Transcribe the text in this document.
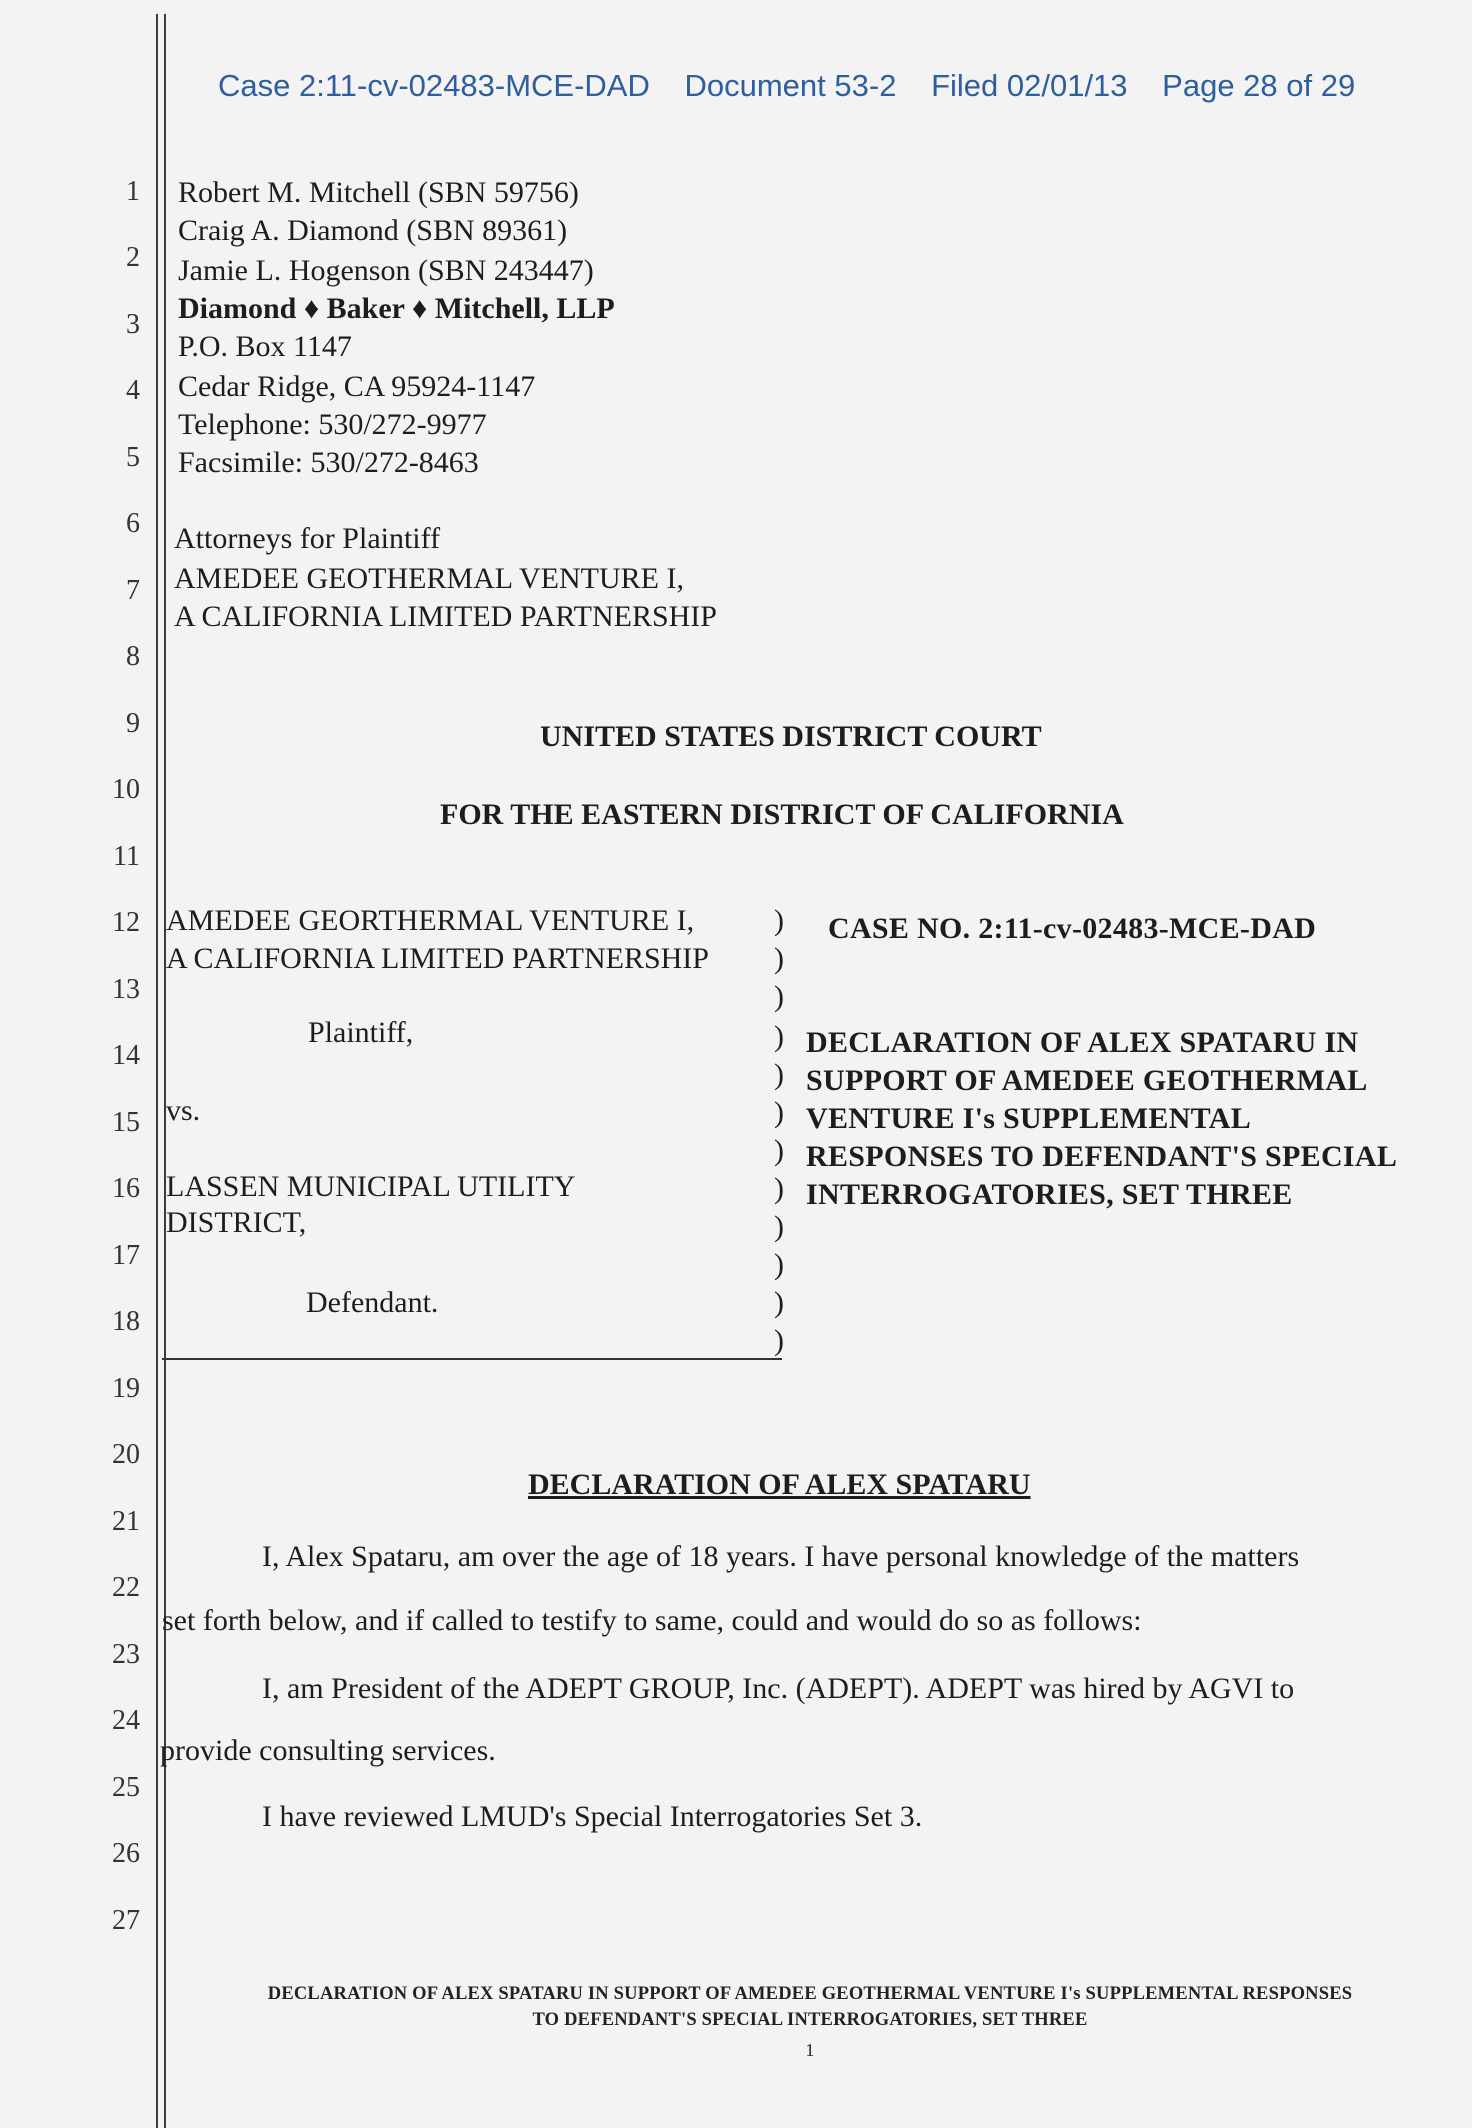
Case 2:11-cv-02483-MCE-DAD Document 53-2 Filed 02/01/13 Page 28 of 29
1
2
3
4
5
6
7
8
9
10
11
12
13
14
15
16
17
18
19
20
21
22
23
24
25
26
27
Robert M. Mitchell (SBN 59756)
Craig A. Diamond (SBN 89361)
Jamie L. Hogenson (SBN 243447)
Diamond ♦ Baker ♦ Mitchell, LLP
P.O. Box 1147
Cedar Ridge, CA 95924-1147
Telephone: 530/272-9977
Facsimile: 530/272-8463
Attorneys for Plaintiff
AMEDEE GEOTHERMAL VENTURE I,
A CALIFORNIA LIMITED PARTNERSHIP
UNITED STATES DISTRICT COURT
FOR THE EASTERN DISTRICT OF CALIFORNIA
AMEDEE GEORTHERMAL VENTURE I,
A CALIFORNIA LIMITED PARTNERSHIP
Plaintiff,
vs.
LASSEN MUNICIPAL UTILITY
DISTRICT,
Defendant.
)
)
)
)
)
)
)
)
)
)
)
)
CASE NO. 2:11-cv-02483-MCE-DAD
DECLARATION OF ALEX SPATARU IN
SUPPORT OF AMEDEE GEOTHERMAL
VENTURE I's SUPPLEMENTAL
RESPONSES TO DEFENDANT'S SPECIAL
INTERROGATORIES, SET THREE
DECLARATION OF ALEX SPATARU
I, Alex Spataru, am over the age of 18 years. I have personal knowledge of the matters
set forth below, and if called to testify to same, could and would do so as follows:
I, am President of the ADEPT GROUP, Inc. (ADEPT). ADEPT was hired by AGVI to
provide consulting services.
I have reviewed LMUD's Special Interrogatories Set 3.
DECLARATION OF ALEX SPATARU IN SUPPORT OF AMEDEE GEOTHERMAL VENTURE I's SUPPLEMENTAL RESPONSES
TO DEFENDANT'S SPECIAL INTERROGATORIES, SET THREE
1
